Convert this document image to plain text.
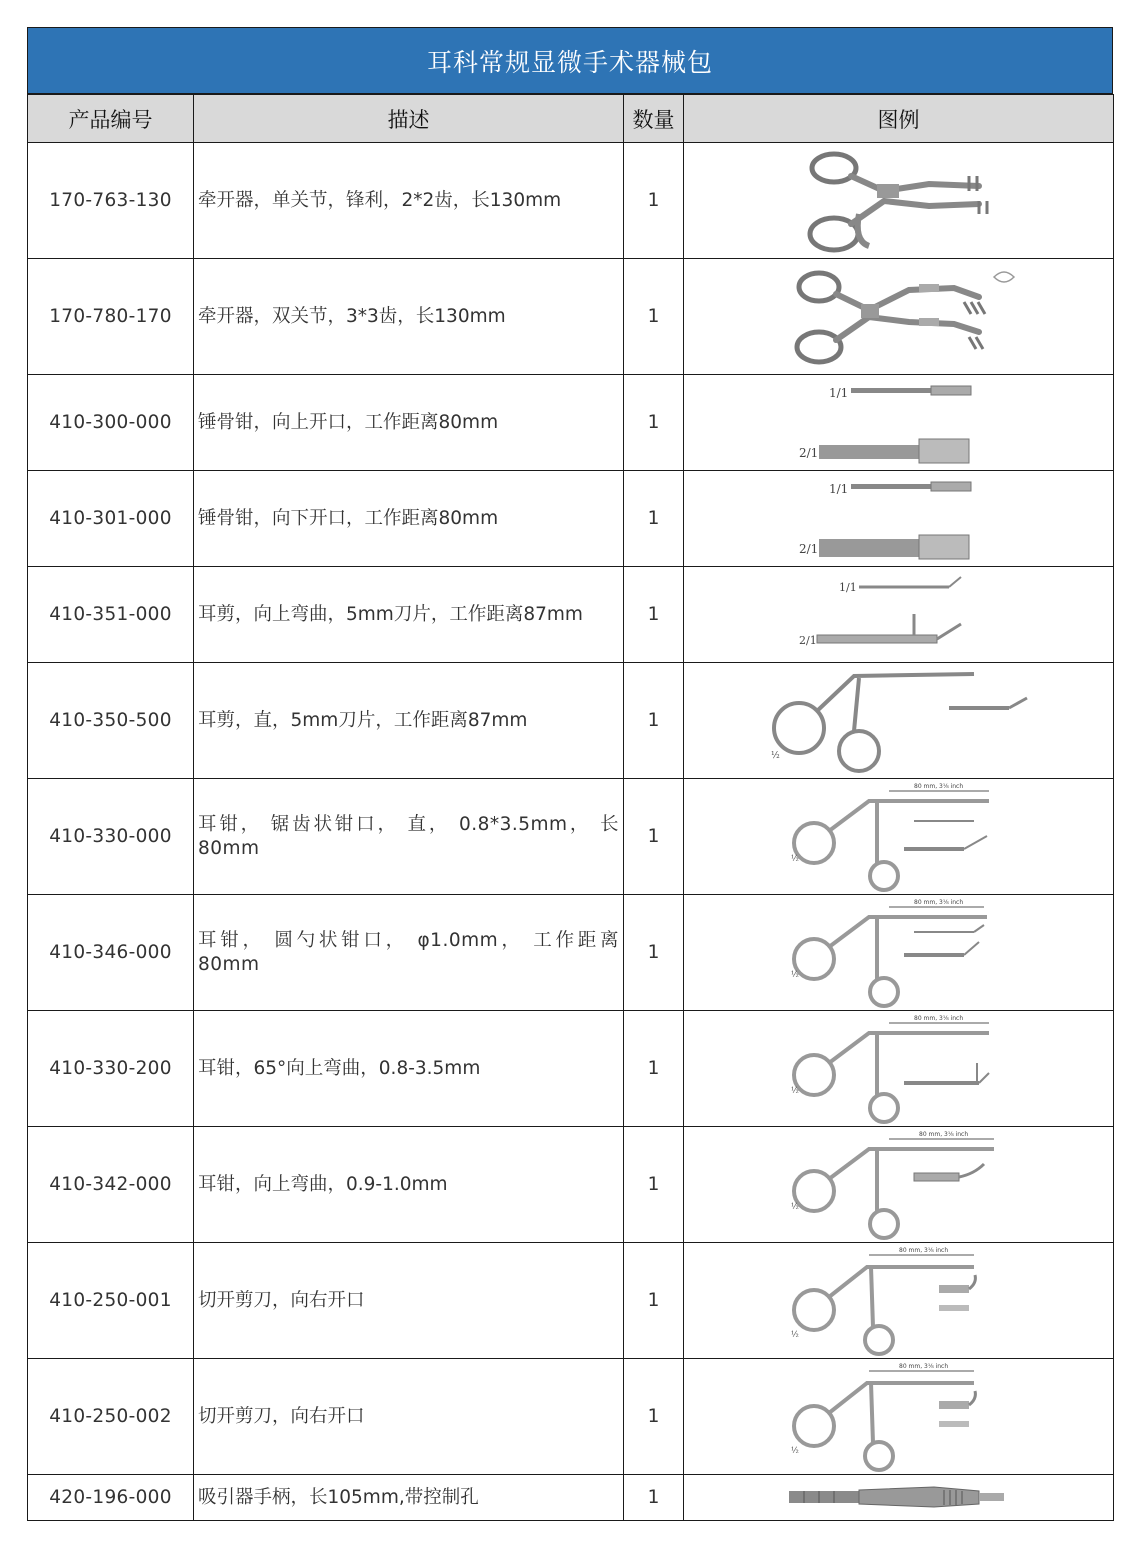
耳科常规显微手术器械包
产品编号	描述	数量	图例
170-763-130	牵开器，单关节，锋利，2*2齿，长130mm	1	

170-780-170	牵开器，双关节，3*3齿，长130mm	1	

410-300-000	锤骨钳，向上开口，工作距离80mm	1	1/1
2/1

410-301-000	锤骨钳，向下开口，工作距离80mm	1	1/1
2/1

410-351-000	耳剪，向上弯曲，5mm刀片，工作距离87mm	1	1/1
2/1

410-350-500	耳剪，直，5mm刀片，工作距离87mm	1	½

410-330-000	耳钳， 锯齿状钳口， 直， 0.8*3.5mm， 长80mm	1	80 mm, 3⅛ inch
½

410-346-000	耳钳， 圆勺状钳口， φ1.0mm， 工作距离80mm	1	80 mm, 3⅛ inch
½

410-330-200	耳钳，65°向上弯曲，0.8-3.5mm	1	80 mm, 3⅛ inch
½

410-342-000	耳钳，向上弯曲，0.9-1.0mm	1	80 mm, 3⅛ inch
½

410-250-001	切开剪刀，向右开口	1	80 mm, 3⅛ inch
½

410-250-002	切开剪刀，向右开口	1	80 mm, 3⅛ inch
½

420-196-000	吸引器手柄，长105mm,带控制孔	1	
